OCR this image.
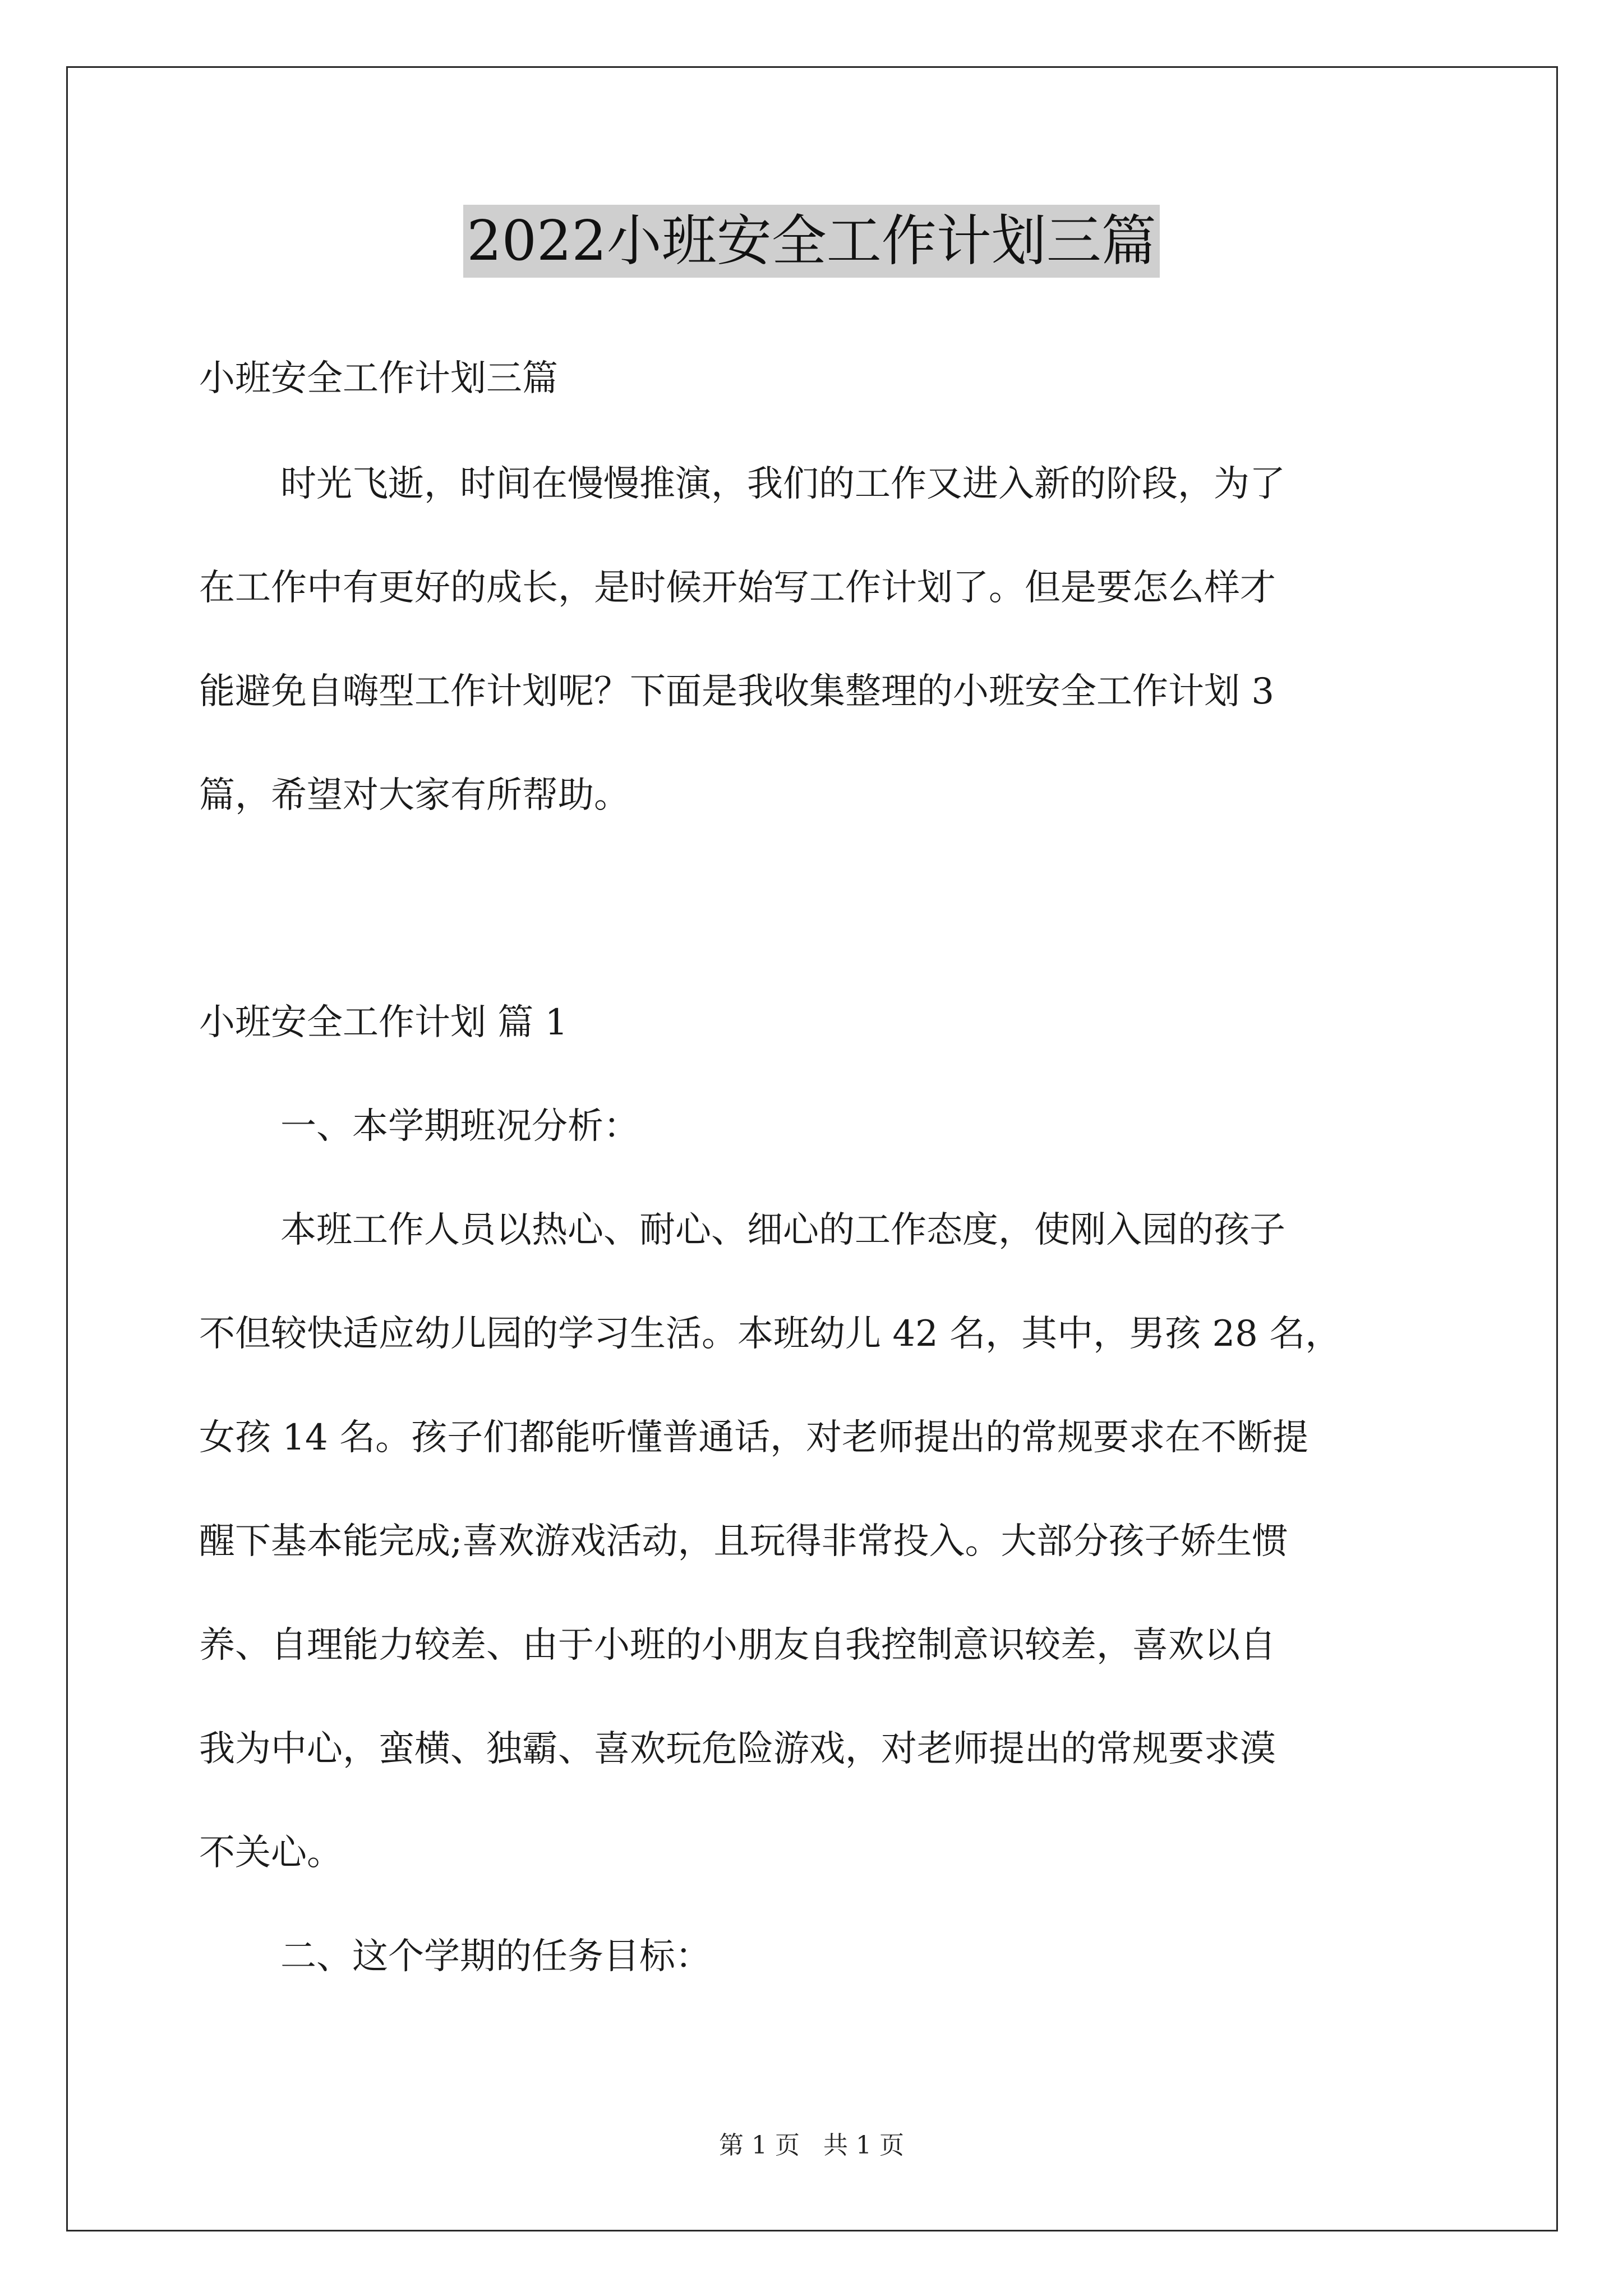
2022小班安全工作计划三篇
小班安全工作计划三篇
时光飞逝，时间在慢慢推演，我们的工作又进入新的阶段，为了
在工作中有更好的成长，是时候开始写工作计划了。但是要怎么样才
能避免自嗨型工作计划呢？下面是我收集整理的小班安全工作计划 3
篇，希望对大家有所帮助。
小班安全工作计划 篇 1
一、本学期班况分析：
本班工作人员以热心、耐心、细心的工作态度，使刚入园的孩子
不但较快适应幼儿园的学习生活。本班幼儿 42 名，其中，男孩 28 名，
女孩 14 名。孩子们都能听懂普通话，对老师提出的常规要求在不断提
醒下基本能完成;喜欢游戏活动，且玩得非常投入。大部分孩子娇生惯
养、自理能力较差、由于小班的小朋友自我控制意识较差，喜欢以自
我为中心，蛮横、独霸、喜欢玩危险游戏，对老师提出的常规要求漠
不关心。
二、这个学期的任务目标：
第 1 页 共 1 页
